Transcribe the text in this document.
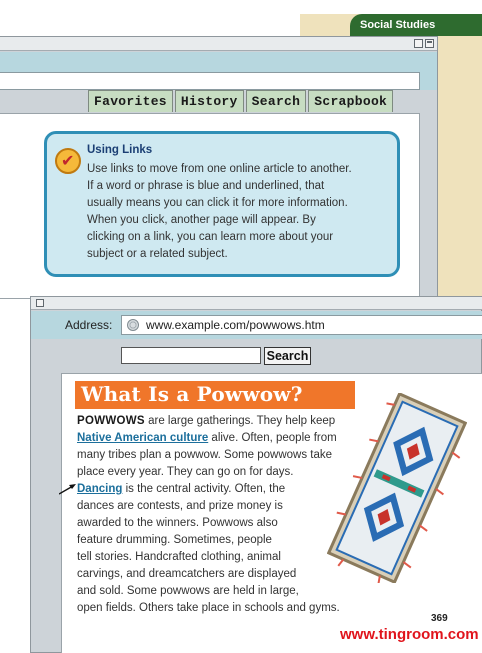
Social Studies
Favorites	History	Search	Scrapbook
✔
Using Links
Use links to move from one online article to another.
If a word or phrase is blue and underlined, that
usually means you can click it for more information.
When you click, another page will appear. By
clicking on a link, you can learn more about your
subject or a related subject.
Address:	www.example.com/powwows.htm
Search
What Is a Powwow?
POWWOWS are large gatherings. They help keep
Native American culture alive. Often, people from
many tribes plan a powwow. Some powwows take
place every year. They can go on for days.
Dancing is the central activity. Often, the
dances are contests, and prize money is
awarded to the winners. Powwows also
feature drumming. Sometimes, people
tell stories. Handcrafted clothing, animal
carvings, and dreamcatchers are displayed
and sold. Some powwows are held in large,
open fields. Others take place in schools and gyms.
369
www.tingroom.com
